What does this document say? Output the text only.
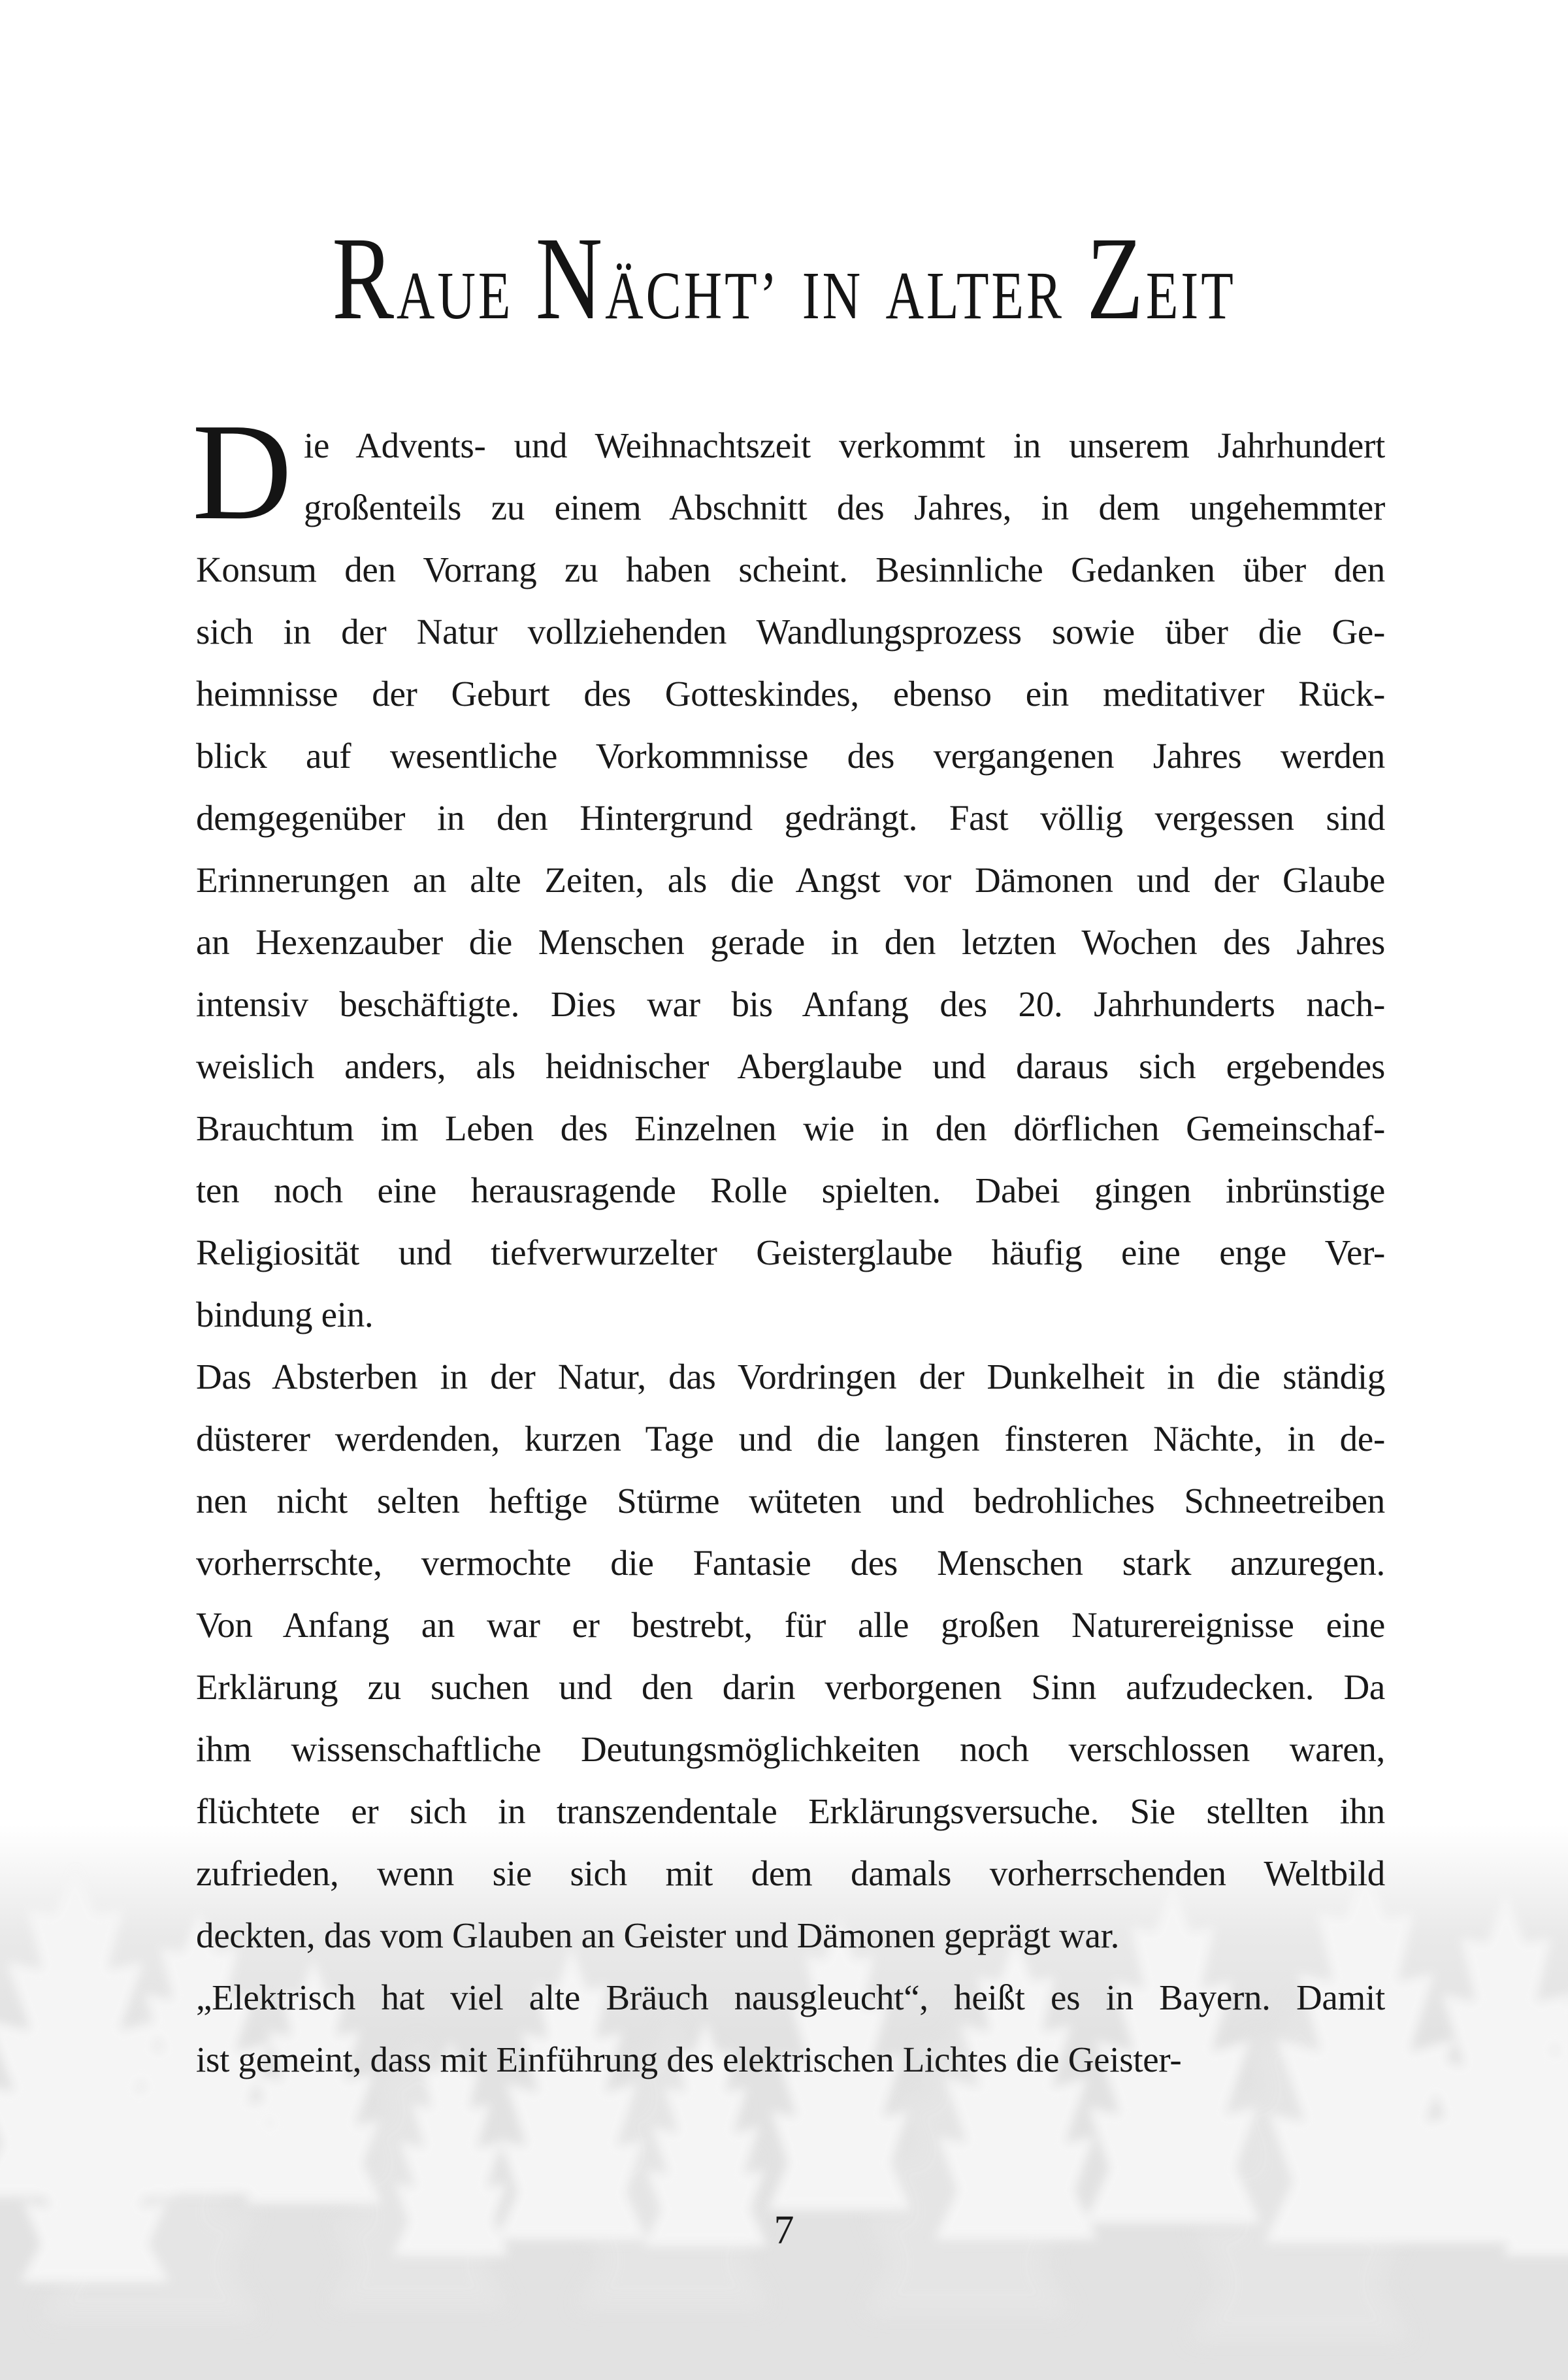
RAUE NÄCHT’ IN ALTER ZEIT
D ie Advents- und Weihnachtszeit verkommt in unserem Jahrhundert
großenteils zu einem Abschnitt des Jahres, in dem ungehemmter
Konsum den Vorrang zu haben scheint. Besinnliche Gedanken über den
sich in der Natur vollziehenden Wandlungsprozess sowie über die Ge-
heimnisse der Geburt des Gotteskindes, ebenso ein meditativer Rück-
blick auf wesentliche Vorkommnisse des vergangenen Jahres werden
demgegenüber in den Hintergrund gedrängt. Fast völlig vergessen sind
Erinnerungen an alte Zeiten, als die Angst vor Dämonen und der Glaube
an Hexenzauber die Menschen gerade in den letzten Wochen des Jahres
intensiv beschäftigte. Dies war bis Anfang des 20. Jahrhunderts nach-
weislich anders, als heidnischer Aberglaube und daraus sich ergebendes
Brauchtum im Leben des Einzelnen wie in den dörflichen Gemeinschaf-
ten noch eine herausragende Rolle spielten. Dabei gingen inbrünstige
Religiosität und tiefverwurzelter Geisterglaube häufig eine enge Ver-
bindung ein.
Das Absterben in der Natur, das Vordringen der Dunkelheit in die ständig
düsterer werdenden, kurzen Tage und die langen finsteren Nächte, in de-
nen nicht selten heftige Stürme wüteten und bedrohliches Schneetreiben
vorherrschte, vermochte die Fantasie des Menschen stark anzuregen.
Von Anfang an war er bestrebt, für alle großen Naturereignisse eine
Erklärung zu suchen und den darin verborgenen Sinn aufzudecken. Da
ihm wissenschaftliche Deutungsmöglichkeiten noch verschlossen waren,
flüchtete er sich in transzendentale Erklärungsversuche. Sie stellten ihn
zufrieden, wenn sie sich mit dem damals vorherrschenden Weltbild
deckten, das vom Glauben an Geister und Dämonen geprägt war.
„Elektrisch hat viel alte Bräuch nausgleucht“, heißt es in Bayern. Damit
ist gemeint, dass mit Einführung des elektrischen Lichtes die Geister-
7
